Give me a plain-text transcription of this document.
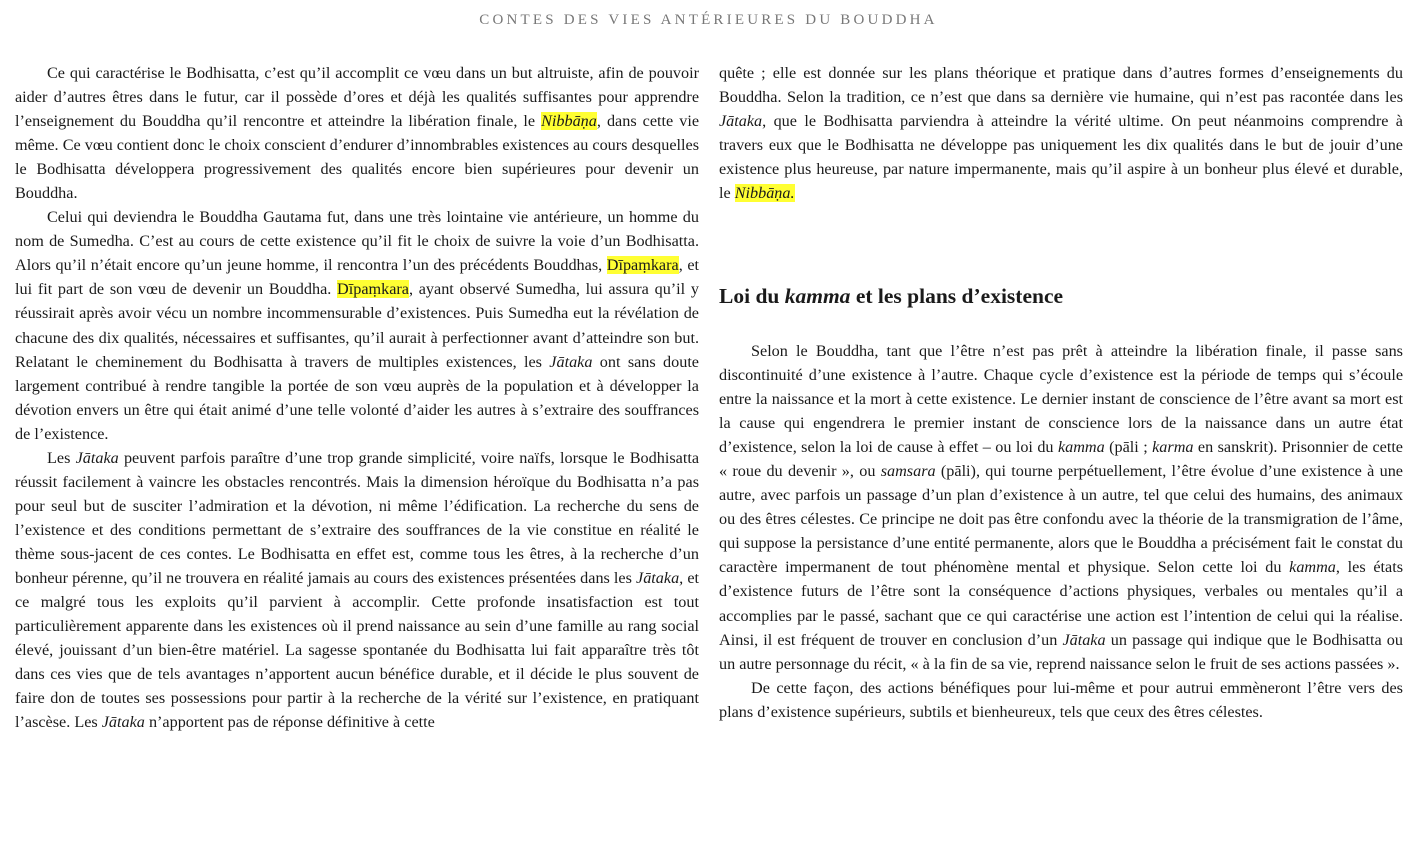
CONTES DES VIES ANTÉRIEURES DU BOUDDHA

Ce qui caractérise le Bodhisatta, c’est qu’il accomplit ce vœu dans un but altruiste, afin de pouvoir aider d’autres êtres dans le futur, car il possède d’ores et déjà les qualités suffisantes pour apprendre l’enseignement du Bouddha qu’il rencontre et atteindre la libération finale, le Nibbāṇa, dans cette vie même. Ce vœu contient donc le choix conscient d’endurer d’innombrables existences au cours desquelles le Bodhisatta développera progressivement des qualités encore bien supérieures pour devenir un Bouddha.

Celui qui deviendra le Bouddha Gautama fut, dans une très lointaine vie antérieure, un homme du nom de Sumedha. C’est au cours de cette existence qu’il fit le choix de suivre la voie d’un Bodhisatta. Alors qu’il n’était encore qu’un jeune homme, il rencontra l’un des précédents Bouddhas, Dīpaṃkara, et lui fit part de son vœu de devenir un Bouddha. Dīpaṃkara, ayant observé Sumedha, lui assura qu’il y réussirait après avoir vécu un nombre incommensurable d’existences. Puis Sumedha eut la révélation de chacune des dix qualités, nécessaires et suffisantes, qu’il aurait à perfectionner avant d’atteindre son but. Relatant le cheminement du Bodhisatta à travers de multiples existences, les Jātaka ont sans doute largement contribué à rendre tangible la portée de son vœu auprès de la population et à développer la dévotion envers un être qui était animé d’une telle volonté d’aider les autres à s’extraire des souffrances de l’existence.

Les Jātaka peuvent parfois paraître d’une trop grande simplicité, voire naïfs, lorsque le Bodhisatta réussit facilement à vaincre les obstacles rencontrés. Mais la dimension héroïque du Bodhisatta n’a pas pour seul but de susciter l’admiration et la dévotion, ni même l’édification. La recherche du sens de l’existence et des conditions permettant de s’extraire des souffrances de la vie constitue en réalité le thème sous-jacent de ces contes. Le Bodhisatta en effet est, comme tous les êtres, à la recherche d’un bonheur pérenne, qu’il ne trouvera en réalité jamais au cours des existences présentées dans les Jātaka, et ce malgré tous les exploits qu’il parvient à accomplir. Cette profonde insatisfaction est tout particulièrement apparente dans les existences où il prend naissance au sein d’une famille au rang social élevé, jouissant d’un bien-être matériel. La sagesse spontanée du Bodhisatta lui fait apparaître très tôt dans ces vies que de tels avantages n’apportent aucun bénéfice durable, et il décide le plus souvent de faire don de toutes ses possessions pour partir à la recherche de la vérité sur l’existence, en pratiquant l’ascèse. Les Jātaka n’apportent pas de réponse définitive à cette

quête ; elle est donnée sur les plans théorique et pratique dans d’autres formes d’enseignements du Bouddha. Selon la tradition, ce n’est que dans sa dernière vie humaine, qui n’est pas racontée dans les Jātaka, que le Bodhisatta parviendra à atteindre la vérité ultime. On peut néanmoins comprendre à travers eux que le Bodhisatta ne développe pas uniquement les dix qualités dans le but de jouir d’une existence plus heureuse, par nature impermanente, mais qu’il aspire à un bonheur plus élevé et durable, le Nibbāṇa.

Loi du kamma et les plans d’existence

Selon le Bouddha, tant que l’être n’est pas prêt à atteindre la libération finale, il passe sans discontinuité d’une existence à l’autre. Chaque cycle d’existence est la période de temps qui s’écoule entre la naissance et la mort à cette existence. Le dernier instant de conscience de l’être avant sa mort est la cause qui engendrera le premier instant de conscience lors de la naissance dans un autre état d’existence, selon la loi de cause à effet – ou loi du kamma (pāli ; karma en sanskrit). Prisonnier de cette « roue du devenir », ou samsara (pāli), qui tourne perpétuellement, l’être évolue d’une existence à une autre, avec parfois un passage d’un plan d’existence à un autre, tel que celui des humains, des animaux ou des êtres célestes. Ce principe ne doit pas être confondu avec la théorie de la transmigration de l’âme, qui suppose la persistance d’une entité permanente, alors que le Bouddha a précisément fait le constat du caractère impermanent de tout phénomène mental et physique. Selon cette loi du kamma, les états d’existence futurs de l’être sont la conséquence d’actions physiques, verbales ou mentales qu’il a accomplies par le passé, sachant que ce qui caractérise une action est l’intention de celui qui la réalise. Ainsi, il est fréquent de trouver en conclusion d’un Jātaka un passage qui indique que le Bodhisatta ou un autre personnage du récit, « à la fin de sa vie, reprend naissance selon le fruit de ses actions passées ».

De cette façon, des actions bénéfiques pour lui-même et pour autrui emmèneront l’être vers des plans d’existence supérieurs, subtils et bienheureux, tels que ceux des êtres célestes.
